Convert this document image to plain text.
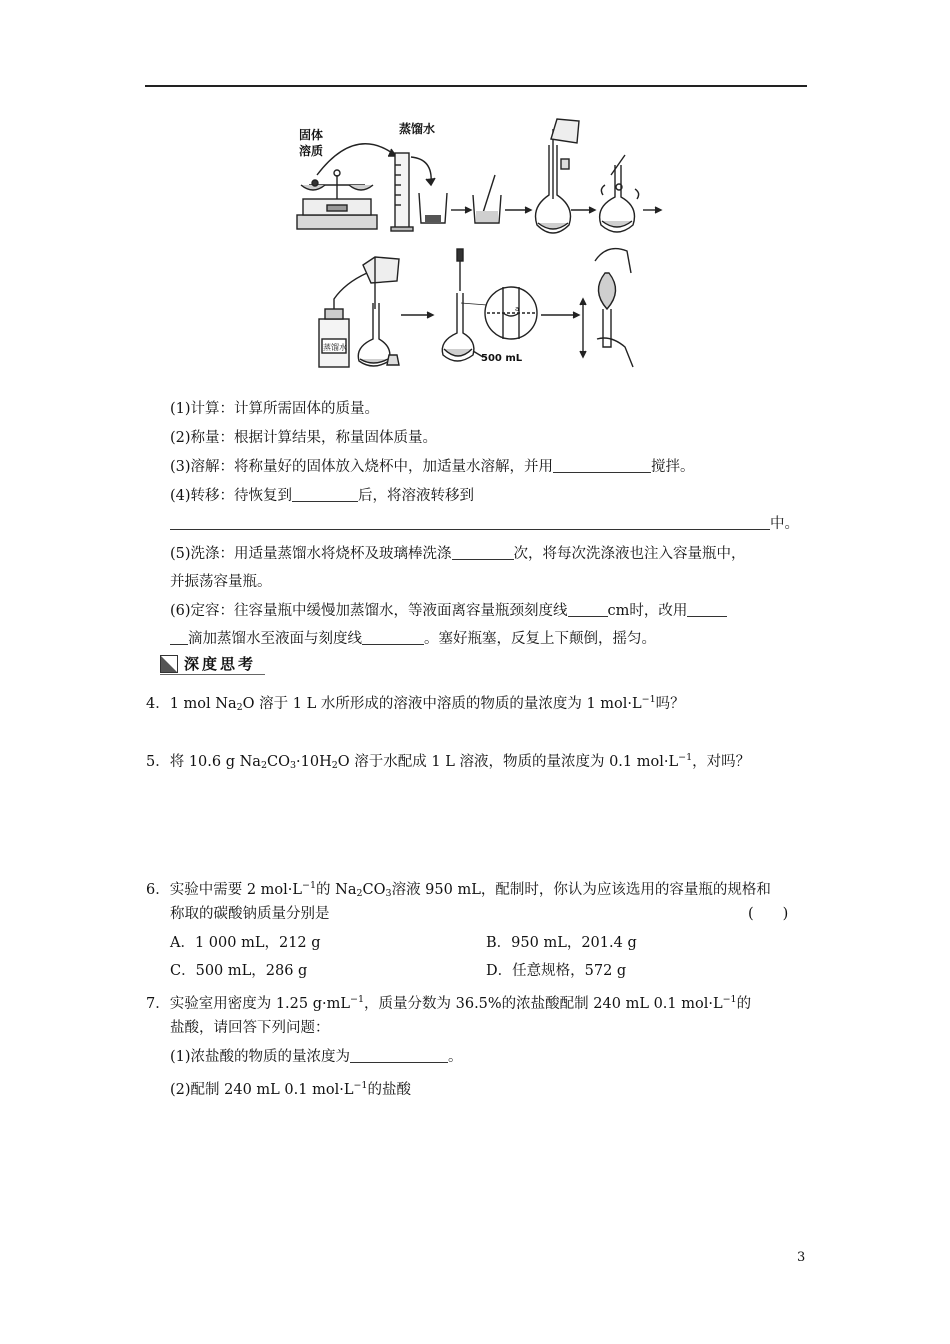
固体
溶质
蒸馏水
蒸馏水
500 mL
a
(1)计算：计算所需固体的质量。
(2)称量：根据计算结果，称量固体质量。
(3)溶解：将称量好的固体放入烧杯中，加适量水溶解，并用	搅拌。
(4)转移：待恢复到	后，将溶液转移到
中。
(5)洗涤：用适量蒸馏水将烧杯及玻璃棒洗涤	次，将每次洗涤液也注入容量瓶中，
并振荡容量瓶。
(6)定容：往容量瓶中缓慢加蒸馏水，等液面离容量瓶颈刻度线	cm时，改用
滴加蒸馏水至液面与刻度线	。塞好瓶塞，反复上下颠倒，摇匀。
深度思考
4．1 mol $Na_2O$ 溶于 1 L 水所形成的溶液中溶质的物质的量浓度为 1 $mol\cdot L^{-1}$吗？
5．将 10.6 g $Na_2CO_3\cdot 10H_2O$ 溶于水配成 1 L 溶液，物质的量浓度为 0.1 $mol\cdot L^{-1}$，对吗？
6．实验中需要 2 $mol\cdot L^{-1}$的 $Na_2CO_3$溶液 950 mL，配制时，你认为应该选用的容量瓶的规格和
称取的碳酸钠质量分别是	(　　)
A．1 000 mL，212 g	B．950 mL，201.4 g
C．500 mL，286 g	D．任意规格，572 g
7．实验室用密度为 1.25 $g\cdot mL^{-1}$，质量分数为 36.5%的浓盐酸配制 240 mL 0.1 $mol\cdot L^{-1}$的
盐酸，请回答下列问题：
(1)浓盐酸的物质的量浓度为	。
(2)配制 240 mL 0.1 $mol\cdot L^{-1}$的盐酸
3
